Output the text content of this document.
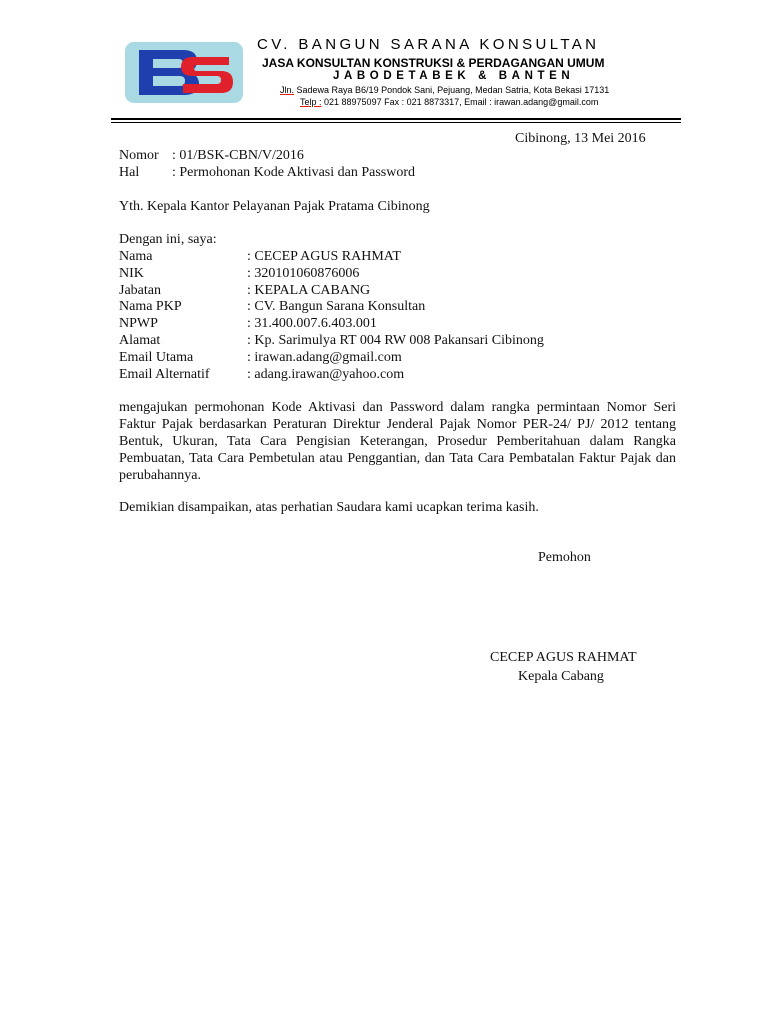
CV. BANGUN SARANA KONSULTAN
JASA KONSULTAN KONSTRUKSI & PERDAGANGAN UMUM
JABODETABEK & BANTEN
Jln. Sadewa Raya B6/19 Pondok Sani, Pejuang, Medan Satria, Kota Bekasi 17131
Telp : 021 88975097 Fax : 021 8873317, Email : irawan.adang@gmail.com
Cibinong, 13 Mei 2016
Nomor : 01/BSK-CBN/V/2016
Hal	: Permohonan Kode Aktivasi dan Password
Yth. Kepala Kantor Pelayanan Pajak Pratama Cibinong
Dengan ini, saya:
Nama	: CECEP AGUS RAHMAT
NIK	: 320101060876006
Jabatan	: KEPALA CABANG
Nama PKP	: CV. Bangun Sarana Konsultan
NPWP	: 31.400.007.6.403.001
Alamat	: Kp. Sarimulya RT 004 RW 008 Pakansari Cibinong
Email Utama	: irawan.adang@gmail.com
Email Alternatif	: adang.irawan@yahoo.com
mengajukan permohonan Kode Aktivasi dan Password dalam rangka permintaan Nomor Seri Faktur Pajak berdasarkan Peraturan Direktur Jenderal Pajak Nomor PER-24/ PJ/ 2012 tentang Bentuk, Ukuran, Tata Cara Pengisian Keterangan, Prosedur Pemberitahuan dalam Rangka Pembuatan, Tata Cara Pembetulan atau Penggantian, dan Tata Cara Pembatalan Faktur Pajak dan perubahannya.
Demikian disampaikan, atas perhatian Saudara kami ucapkan terima kasih.
Pemohon
CECEP AGUS RAHMAT
Kepala Cabang
